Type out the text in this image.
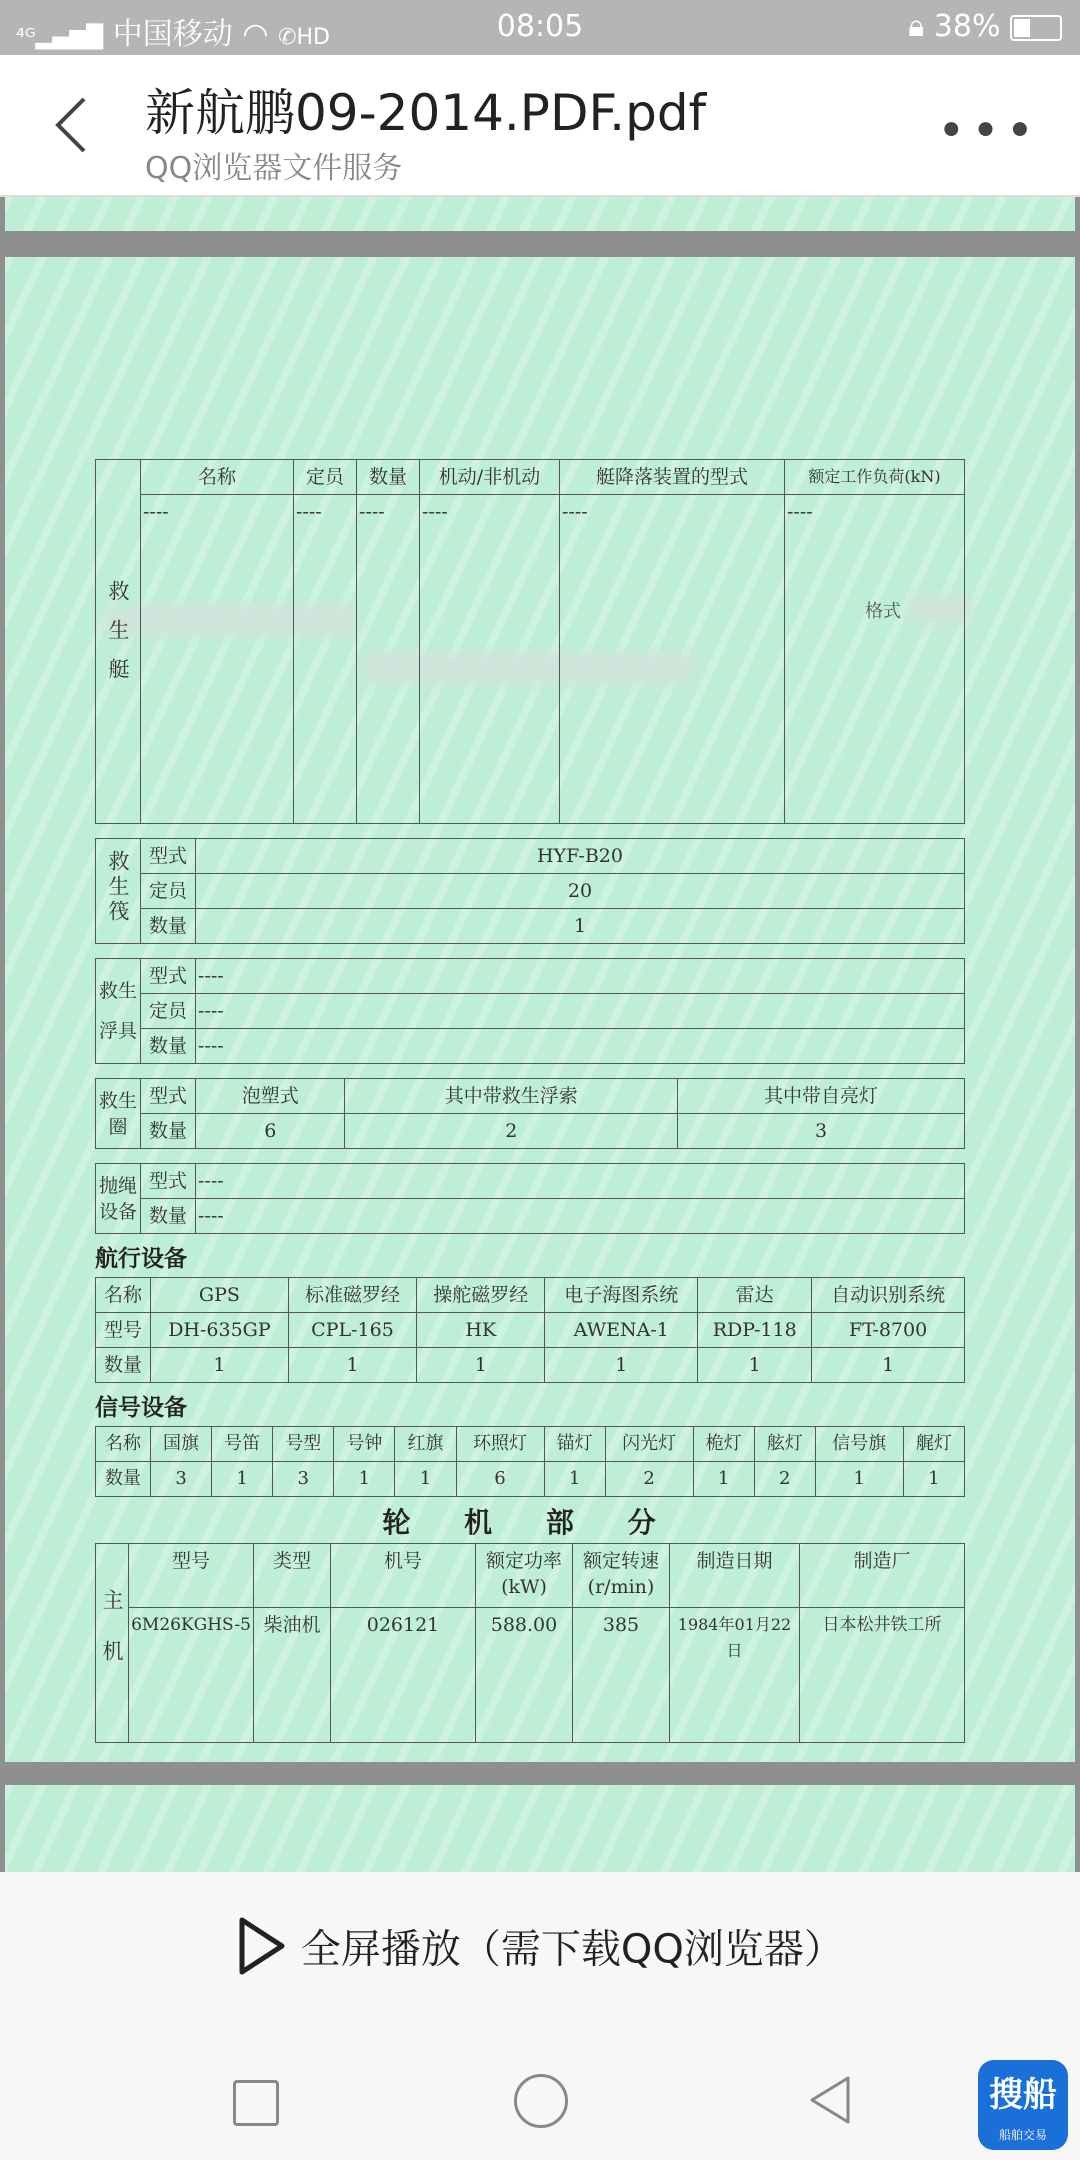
⁴ᴳ▂▄▆█ 中国移动 ◠ ✆HD	08:05	🔒︎ 38%
新航鹏09-2014.PDF.pdf
QQ浏览器文件服务
•••
格式
救生艇	名称	定员	数量	机动/非机动	艇降落装置的型式	额定工作负荷(kN)
	----	----	----	----	----	----
救生筏	型式	HYF-B20
	定员	20
	数量	1
救生
浮具	型式	----
	定员	----
	数量	----
救生
圈	型式	泡塑式	其中带救生浮索	其中带自亮灯
	数量	6	2	3
抛绳
设备	型式	----
	数量	----
航行设备
名称	GPS	标准磁罗经	操舵磁罗经	电子海图系统	雷达	自动识别系统
型号	DH-635GP	CPL-165	HK	AWENA-1	RDP-118	FT-8700
数量	1	1	1	1	1	1
信号设备
名称	国旗	号笛	号型	号钟	红旗	环照灯	锚灯	闪光灯	桅灯	舷灯	信号旗	艉灯
数量	3	1	3	1	1	6	1	2	1	2	1	1
轮 机 部 分
主机	型号	类型	机号	额定功率(kW)	额定转速(r/min)	制造日期	制造厂
	6M26KGHS-5	柴油机	026121	588.00	385	1984年01月22日	日本松井铁工所
全屏播放（需下载QQ浏览器）
搜船
船舶交易
